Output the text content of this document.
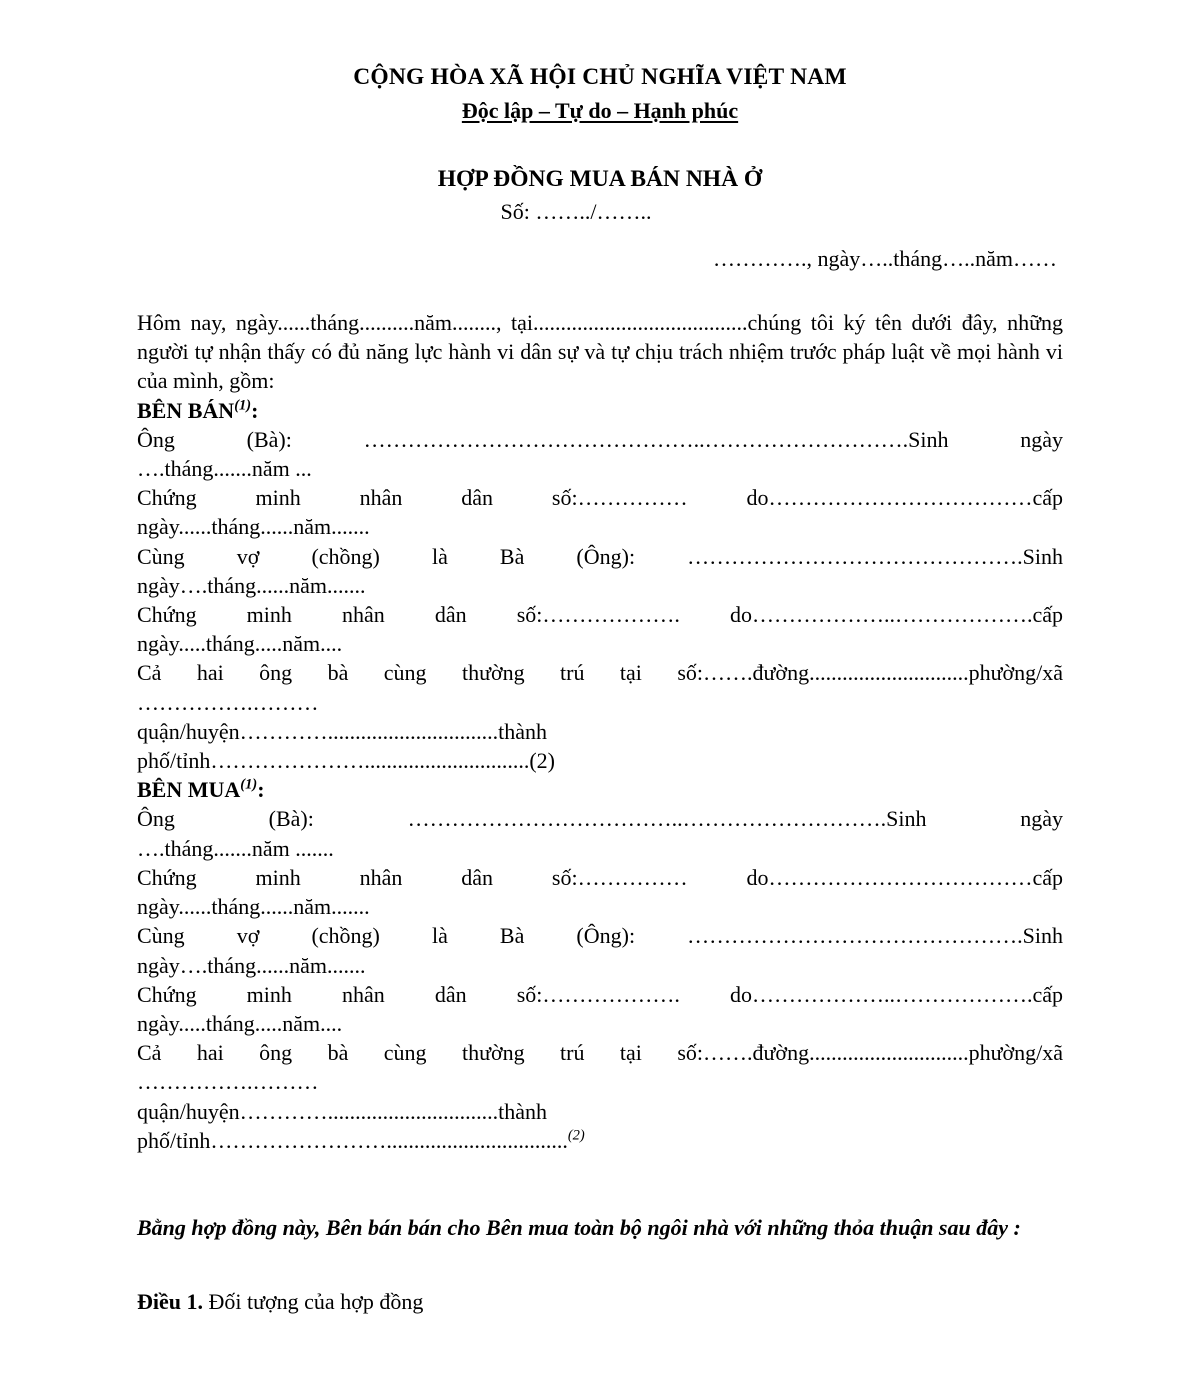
CỘNG HÒA XÃ HỘI CHỦ NGHĨA VIỆT NAM
Độc lập – Tự do – Hạnh phúc
HỢP ĐỒNG MUA BÁN NHÀ Ở
Số: ……../……..
…………., ngày…..tháng…..năm……

Hôm nay, ngày......tháng..........năm........, tại.......................................chúng tôi ký tên dưới đây, những người tự nhận thấy có đủ năng lực hành vi dân sự và tự chịu trách nhiệm trước pháp luật về mọi hành vi của mình, gồm:

BÊN BÁN$^{(1)}$:

Ông (Bà): ………………………………………..……………………….Sinh ngày

….tháng.......năm ...

Chứng minh nhân dân số:…………… do………………………………cấp

ngày......tháng......năm.......

Cùng vợ (chồng) là Bà (Ông): ……………………………………….Sinh

ngày….tháng......năm.......

Chứng minh nhân dân số:………………. do………………..……………….cấp

ngày.....tháng.....năm....

Cả hai ông bà cùng thường trú tại số:…….đường.............................phường/xã

…………….………

quận/huyện…………...............................thành

phố/tỉnh…………………..............................(2)

BÊN MUA$^{(1)}$:

Ông (Bà): ………………………………..……………………….Sinh ngày

….tháng.......năm .......

Chứng minh nhân dân số:…………… do………………………………cấp

ngày......tháng......năm.......

Cùng vợ (chồng) là Bà (Ông): ……………………………………….Sinh

ngày….tháng......năm.......

Chứng minh nhân dân số:………………. do………………..……………….cấp

ngày.....tháng.....năm....

Cả hai ông bà cùng thường trú tại số:…….đường.............................phường/xã

…………….………

quận/huyện…………...............................thành

phố/tỉnh…………………….................................$^{(2)}$

Bằng hợp đồng này, Bên bán bán cho Bên mua toàn bộ ngôi nhà với những thỏa thuận sau đây :

Điều 1. Đối tượng của hợp đồng
